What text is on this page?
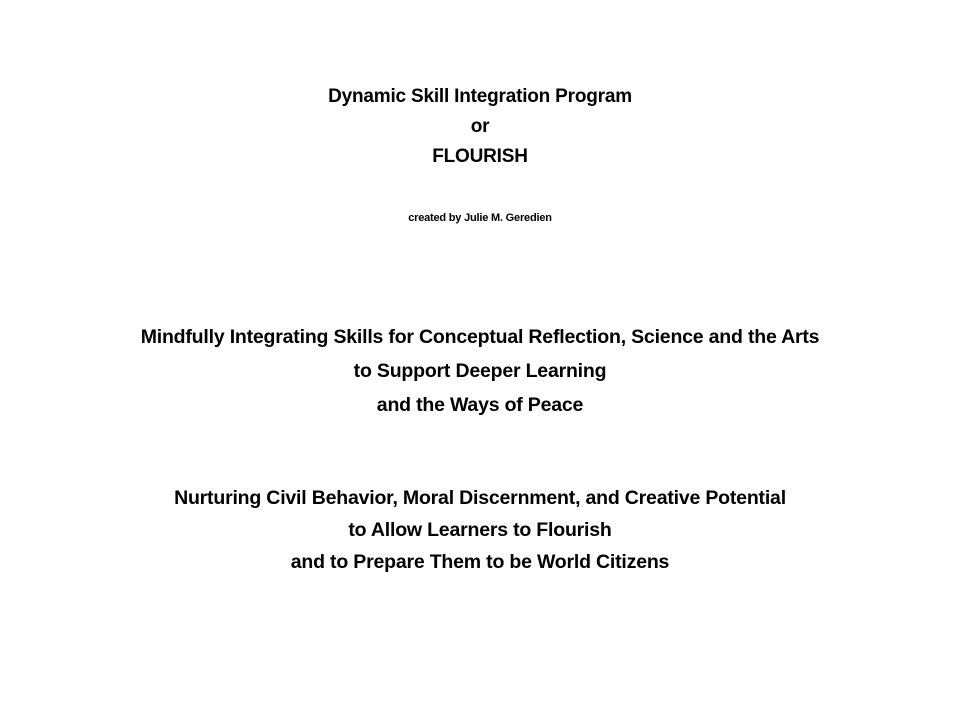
Dynamic Skill Integration Program
or
FLOURISH
created by Julie M. Geredien
Mindfully Integrating Skills for Conceptual Reflection, Science and the Arts
to Support Deeper Learning
and the Ways of Peace
Nurturing Civil Behavior, Moral Discernment, and Creative Potential
to Allow Learners to Flourish
and to Prepare Them to be World Citizens
